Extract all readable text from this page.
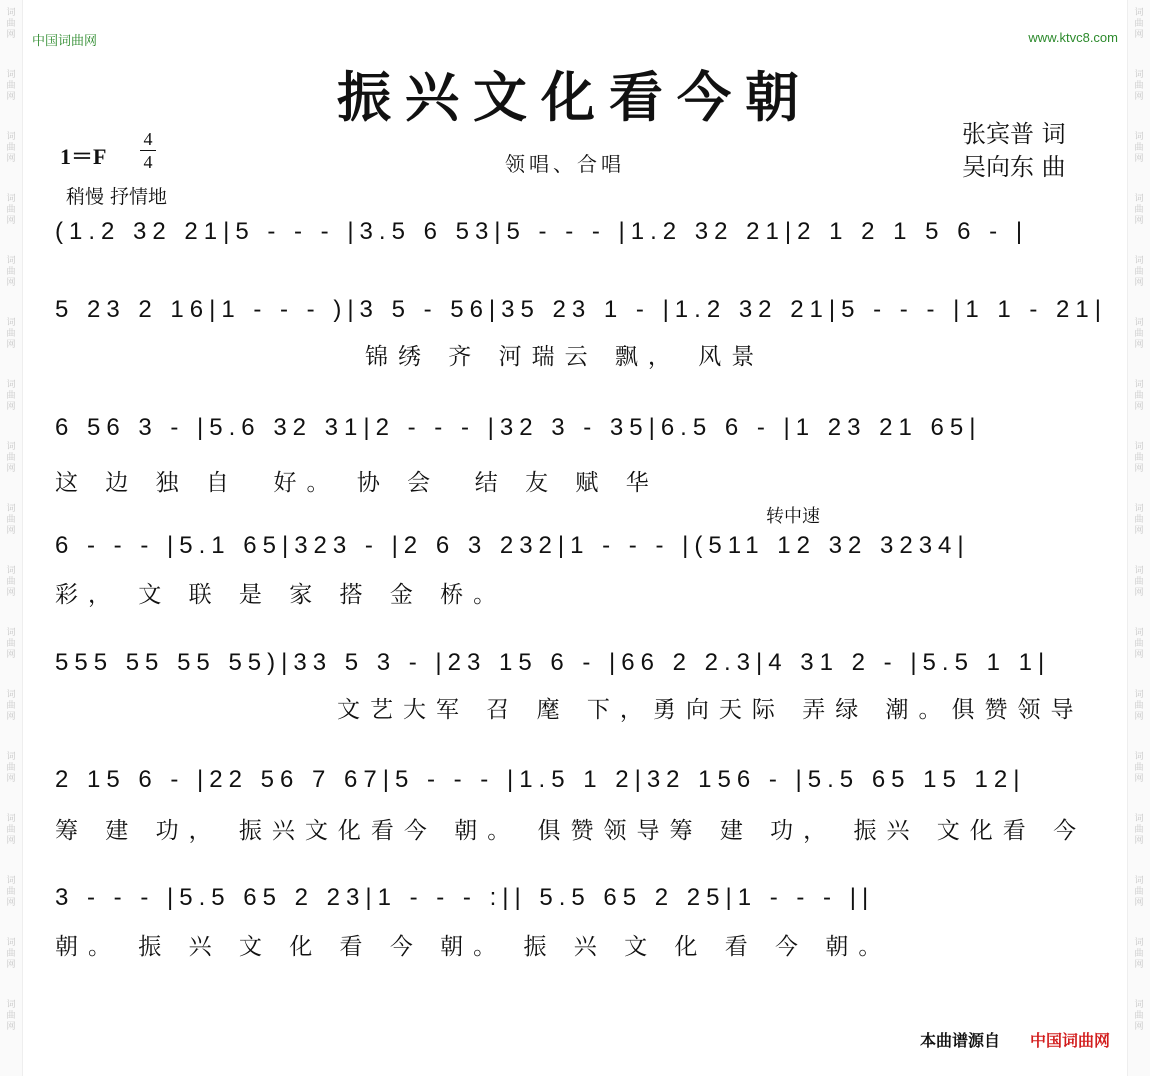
词
曲
网
词
曲
网
词
曲
网
词
曲
网
词
曲
网
词
曲
网
词
曲
网
词
曲
网
词
曲
网
词
曲
网
词
曲
网
词
曲
网
词
曲
网
词
曲
网
词
曲
网
词
曲
网
词
曲
网
词
曲
网
词
曲
网
词
曲
网
词
曲
网
词
曲
网
词
曲
网
词
曲
网
词
曲
网
词
曲
网
词
曲
网
词
曲
网
词
曲
网
词
曲
网
词
曲
网
词
曲
网
词
曲
网
词
曲
网
中国词曲网	www.ktvc8.com
振兴文化看今朝
1＝F
4
4
稍慢 抒情地
领唱、合唱
张宾普 词
吴向东 曲
转中速
(1.2 32 21|5 - - - |3.5 6 53|5 - - - |1.2 32 21|2 1 2 1 5 6 - |
5 23 2 16|1 - - - )|3 5 - 56|35 23 1 - |1.2 32 21|5 - - - |1 1 - 21|
锦绣 齐 河瑞云 飘， 风景
6 56 3 - |5.6 32 31|2 - - - |32 3 - 35|6.5 6 - |1 23 21 65|
这 边 独 自  好。 协 会  结 友 赋 华
6 - - - |5.1 65|323 - |2 6 3 232|1 - - - |(511 12 32 3234|
彩， 文 联 是 家 搭 金 桥。
555 55 55 55)|33 5 3 - |23 15 6 - |66 2 2.3|4 31 2 - |5.5 1 1|
文艺大军 召 麾 下，勇向天际 弄绿 潮。俱赞领导
2 15 6 - |22 56 7 67|5 - - - |1.5 1 2|32 156 - |5.5 65 15 12|
筹 建 功， 振兴文化看今 朝。 俱赞领导筹 建 功， 振兴 文化看 今
3 - - - |5.5 65 2 23|1 - - - :|| 5.5 65 2 25|1 - - - ||
朝。 振 兴 文 化 看 今 朝。 振 兴 文 化 看 今 朝。
本曲谱源自 中国词曲网
